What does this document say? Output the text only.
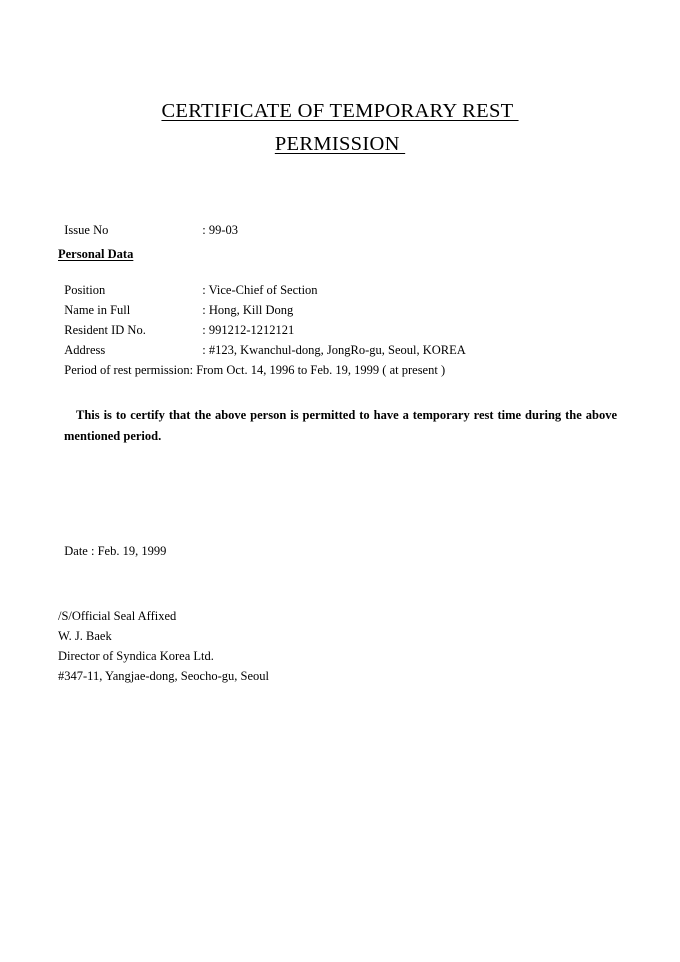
CERTIFICATE OF TEMPORARY REST
PERMISSION

Issue No	: 99-03

Personal Data

Position	: Vice-Chief of Section

Name in Full	: Hong, Kill Dong

Resident ID No.	: 991212-1212121

Address	: #123, Kwanchul-dong, JongRo-gu, Seoul, KOREA

Period of rest permission: From Oct. 14, 1996 to Feb. 19, 1999 ( at present )

This is to certify that the above person is permitted to have a temporary rest time during the above mentioned period.

Date : Feb. 19, 1999

/S/Official Seal Affixed
W. J. Baek
Director of Syndica Korea Ltd.
#347-11, Yangjae-dong, Seocho-gu, Seoul
